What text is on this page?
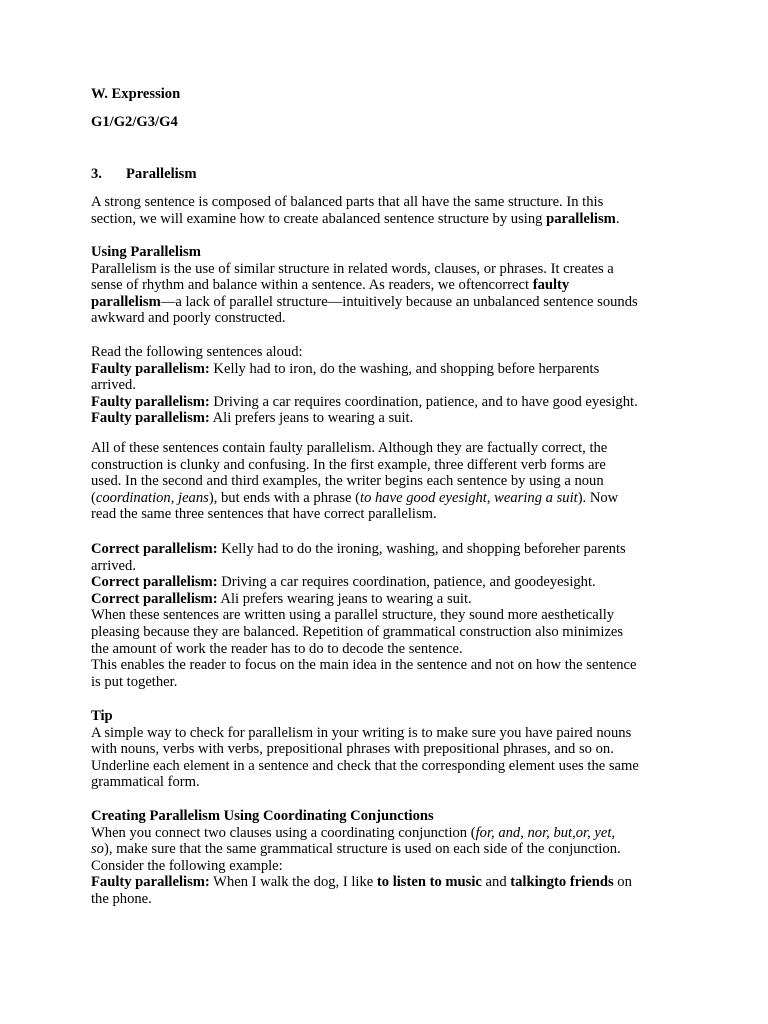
W. Expression
G1/G2/G3/G4
3. Parallelism
A strong sentence is composed of balanced parts that all have the same structure. In this
section, we will examine how to create abalanced sentence structure by using parallelism.
Using Parallelism
Parallelism is the use of similar structure in related words, clauses, or phrases. It creates a
sense of rhythm and balance within a sentence. As readers, we oftencorrect faulty
parallelism—a lack of parallel structure—intuitively because an unbalanced sentence sounds
awkward and poorly constructed.
Read the following sentences aloud:
Faulty parallelism: Kelly had to iron, do the washing, and shopping before herparents
arrived.
Faulty parallelism: Driving a car requires coordination, patience, and to have good eyesight.
Faulty parallelism: Ali prefers jeans to wearing a suit.
All of these sentences contain faulty parallelism. Although they are factually correct, the
construction is clunky and confusing. In the first example, three different verb forms are
used. In the second and third examples, the writer begins each sentence by using a noun
(coordination, jeans), but ends with a phrase (to have good eyesight, wearing a suit). Now
read the same three sentences that have correct parallelism.
Correct parallelism: Kelly had to do the ironing, washing, and shopping beforeher parents
arrived.
Correct parallelism: Driving a car requires coordination, patience, and goodeyesight.
Correct parallelism: Ali prefers wearing jeans to wearing a suit.
When these sentences are written using a parallel structure, they sound more aesthetically
pleasing because they are balanced. Repetition of grammatical construction also minimizes
the amount of work the reader has to do to decode the sentence.
This enables the reader to focus on the main idea in the sentence and not on how the sentence
is put together.
Tip
A simple way to check for parallelism in your writing is to make sure you have paired nouns
with nouns, verbs with verbs, prepositional phrases with prepositional phrases, and so on.
Underline each element in a sentence and check that the corresponding element uses the same
grammatical form.
Creating Parallelism Using Coordinating Conjunctions
When you connect two clauses using a coordinating conjunction (for, and, nor, but,or, yet,
so), make sure that the same grammatical structure is used on each side of the conjunction.
Consider the following example:
Faulty parallelism: When I walk the dog, I like to listen to music and talkingto friends on
the phone.
